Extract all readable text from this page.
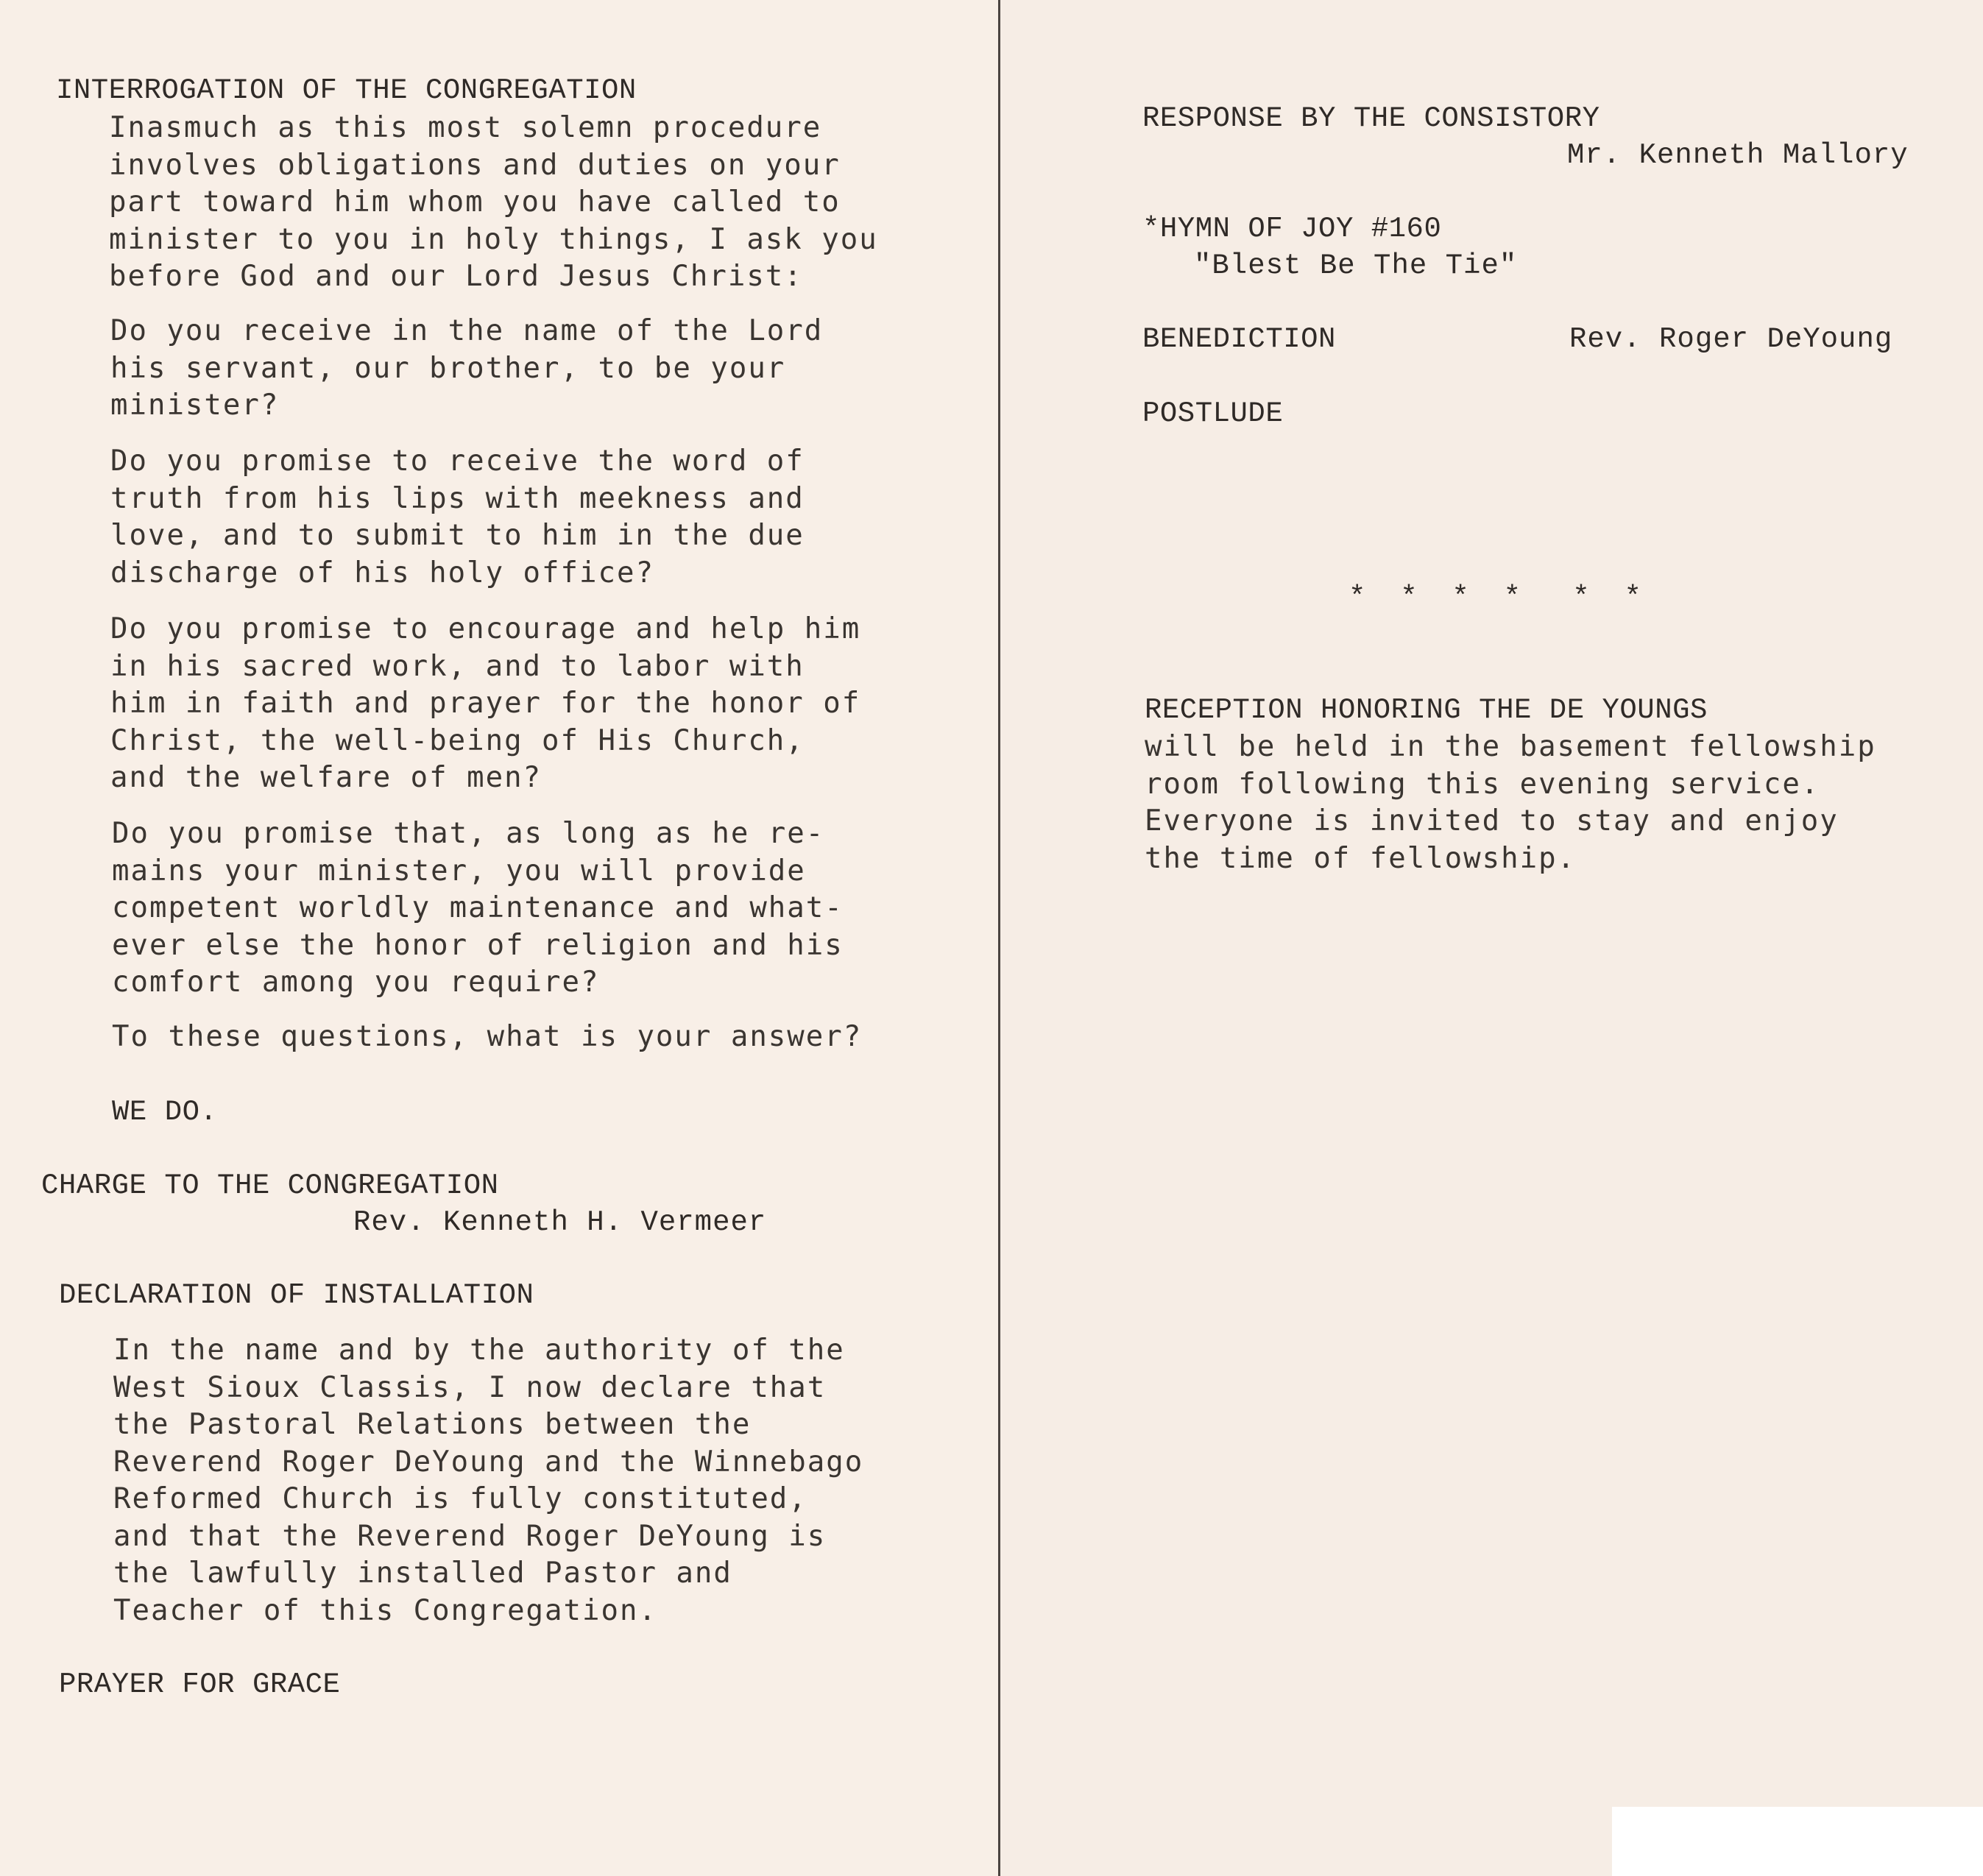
INTERROGATION OF THE CONGREGATION
Inasmuch as this most solemn procedure
involves obligations and duties on your
part toward him whom you have called to
minister to you in holy things, I ask you
before God and our Lord Jesus Christ:
Do you receive in the name of the Lord
his servant, our brother, to be your
minister?
Do you promise to receive the word of
truth from his lips with meekness and
love, and to submit to him in the due
discharge of his holy office?
Do you promise to encourage and help him
in his sacred work, and to labor with
him in faith and prayer for the honor of
Christ, the well-being of His Church,
and the welfare of men?
Do you promise that, as long as he re-
mains your minister, you will provide
competent worldly maintenance and what-
ever else the honor of religion and his
comfort among you require?
To these questions, what is your answer?
WE DO.
CHARGE TO THE CONGREGATION
Rev. Kenneth H. Vermeer
DECLARATION OF INSTALLATION
In the name and by the authority of the
West Sioux Classis, I now declare that
the Pastoral Relations between the
Reverend Roger DeYoung and the Winnebago
Reformed Church is fully constituted,
and that the Reverend Roger DeYoung is
the lawfully installed Pastor and
Teacher of this Congregation.
PRAYER FOR GRACE
RESPONSE BY THE CONSISTORY
Mr. Kenneth Mallory
*HYMN OF JOY #160
"Blest Be The Tie"
BENEDICTION	Rev. Roger DeYoung
POSTLUDE
*  *  *  *   *  *
RECEPTION HONORING THE DE YOUNGS
will be held in the basement fellowship
room following this evening service.
Everyone is invited to stay and enjoy
the time of fellowship.
